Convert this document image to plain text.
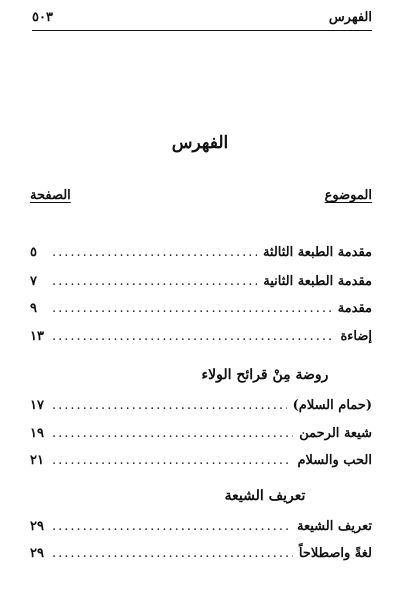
الفهرس
٥٠٣
الفهرس
الموضوع
الصفحة
مقدمة الطبعة الثالثة
.....
٥
مقدمة الطبعة الثانية
.....
٧
مقدمة
.....
٩
إضاءة
.....
١٣
روضة مِنْ قرائح الولاء
(حمام السلام)
.....
١٧
شيعة الرحمن
.....
١٩
الحب والسلام
.....
٢١
تعريف الشيعة
تعريف الشيعة
.....
٢٩
لغةً واصطلاحاً
.....
٢٩
